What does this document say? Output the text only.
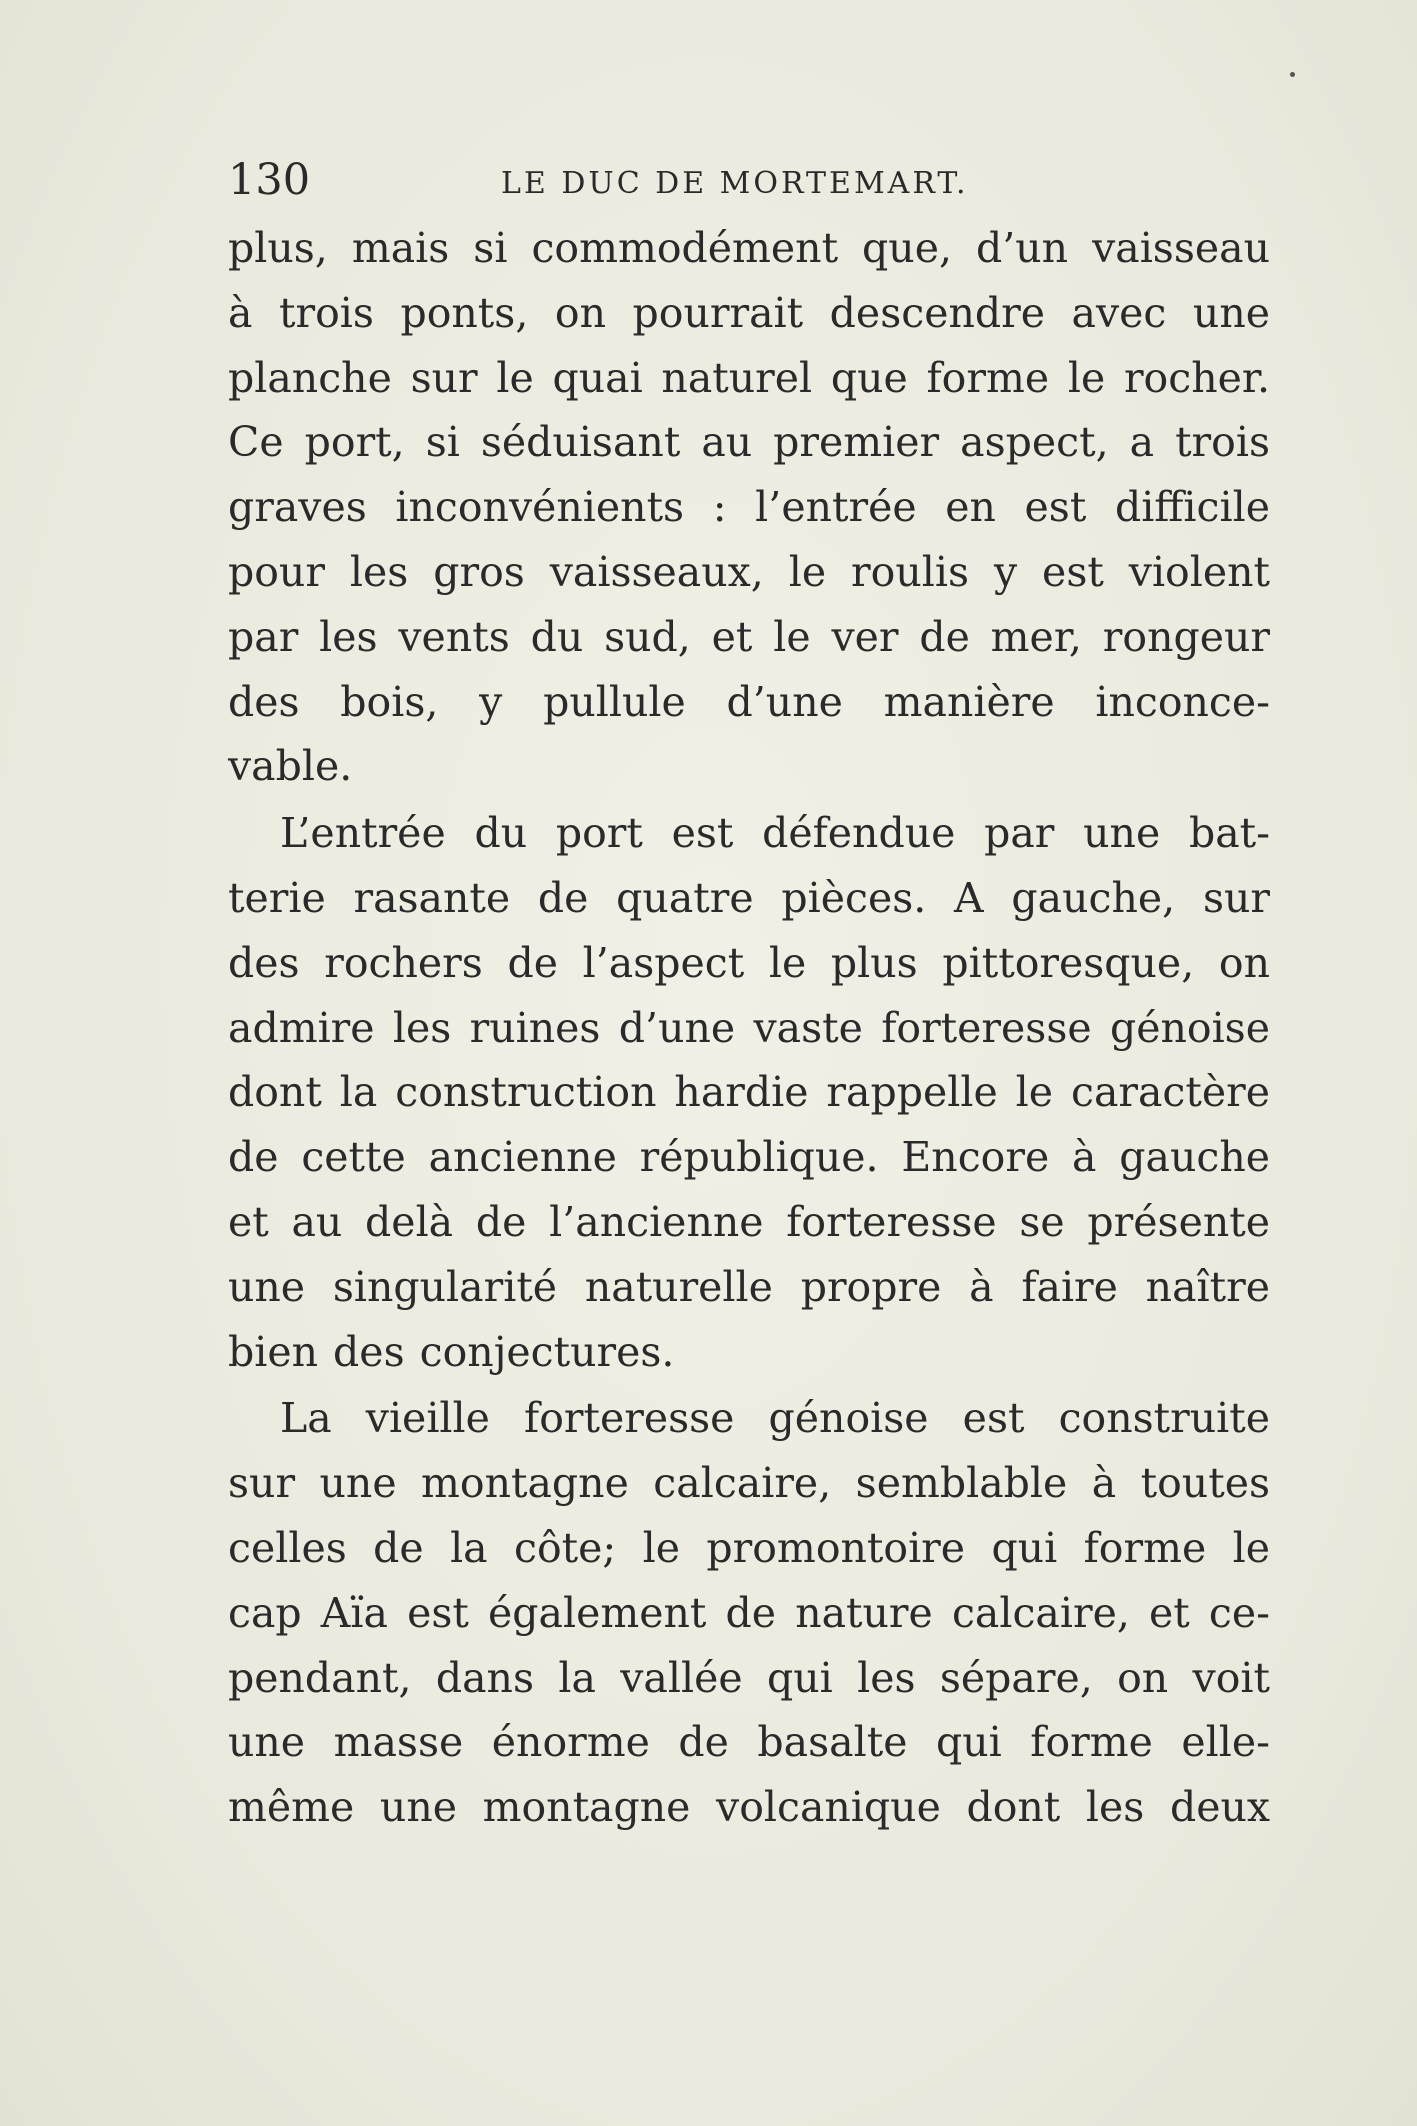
130	LE DUC DE MORTEMART.
plus, mais si commodément que, d’un vaisseau
à trois ponts, on pourrait descendre avec une
planche sur le quai naturel que forme le rocher.
Ce port, si séduisant au premier aspect, a trois
graves inconvénients : l’entrée en est difficile
pour les gros vaisseaux, le roulis y est violent
par les vents du sud, et le ver de mer, rongeur
des bois, y pullule d’une manière inconce-
vable.
L’entrée du port est défendue par une bat-
terie rasante de quatre pièces. A gauche, sur
des rochers de l’aspect le plus pittoresque, on
admire les ruines d’une vaste forteresse génoise
dont la construction hardie rappelle le caractère
de cette ancienne république. Encore à gauche
et au delà de l’ancienne forteresse se présente
une singularité naturelle propre à faire naître
bien des conjectures.
La vieille forteresse génoise est construite
sur une montagne calcaire, semblable à toutes
celles de la côte; le promontoire qui forme le
cap Aïa est également de nature calcaire, et ce-
pendant, dans la vallée qui les sépare, on voit
une masse énorme de basalte qui forme elle-
même une montagne volcanique dont les deux
